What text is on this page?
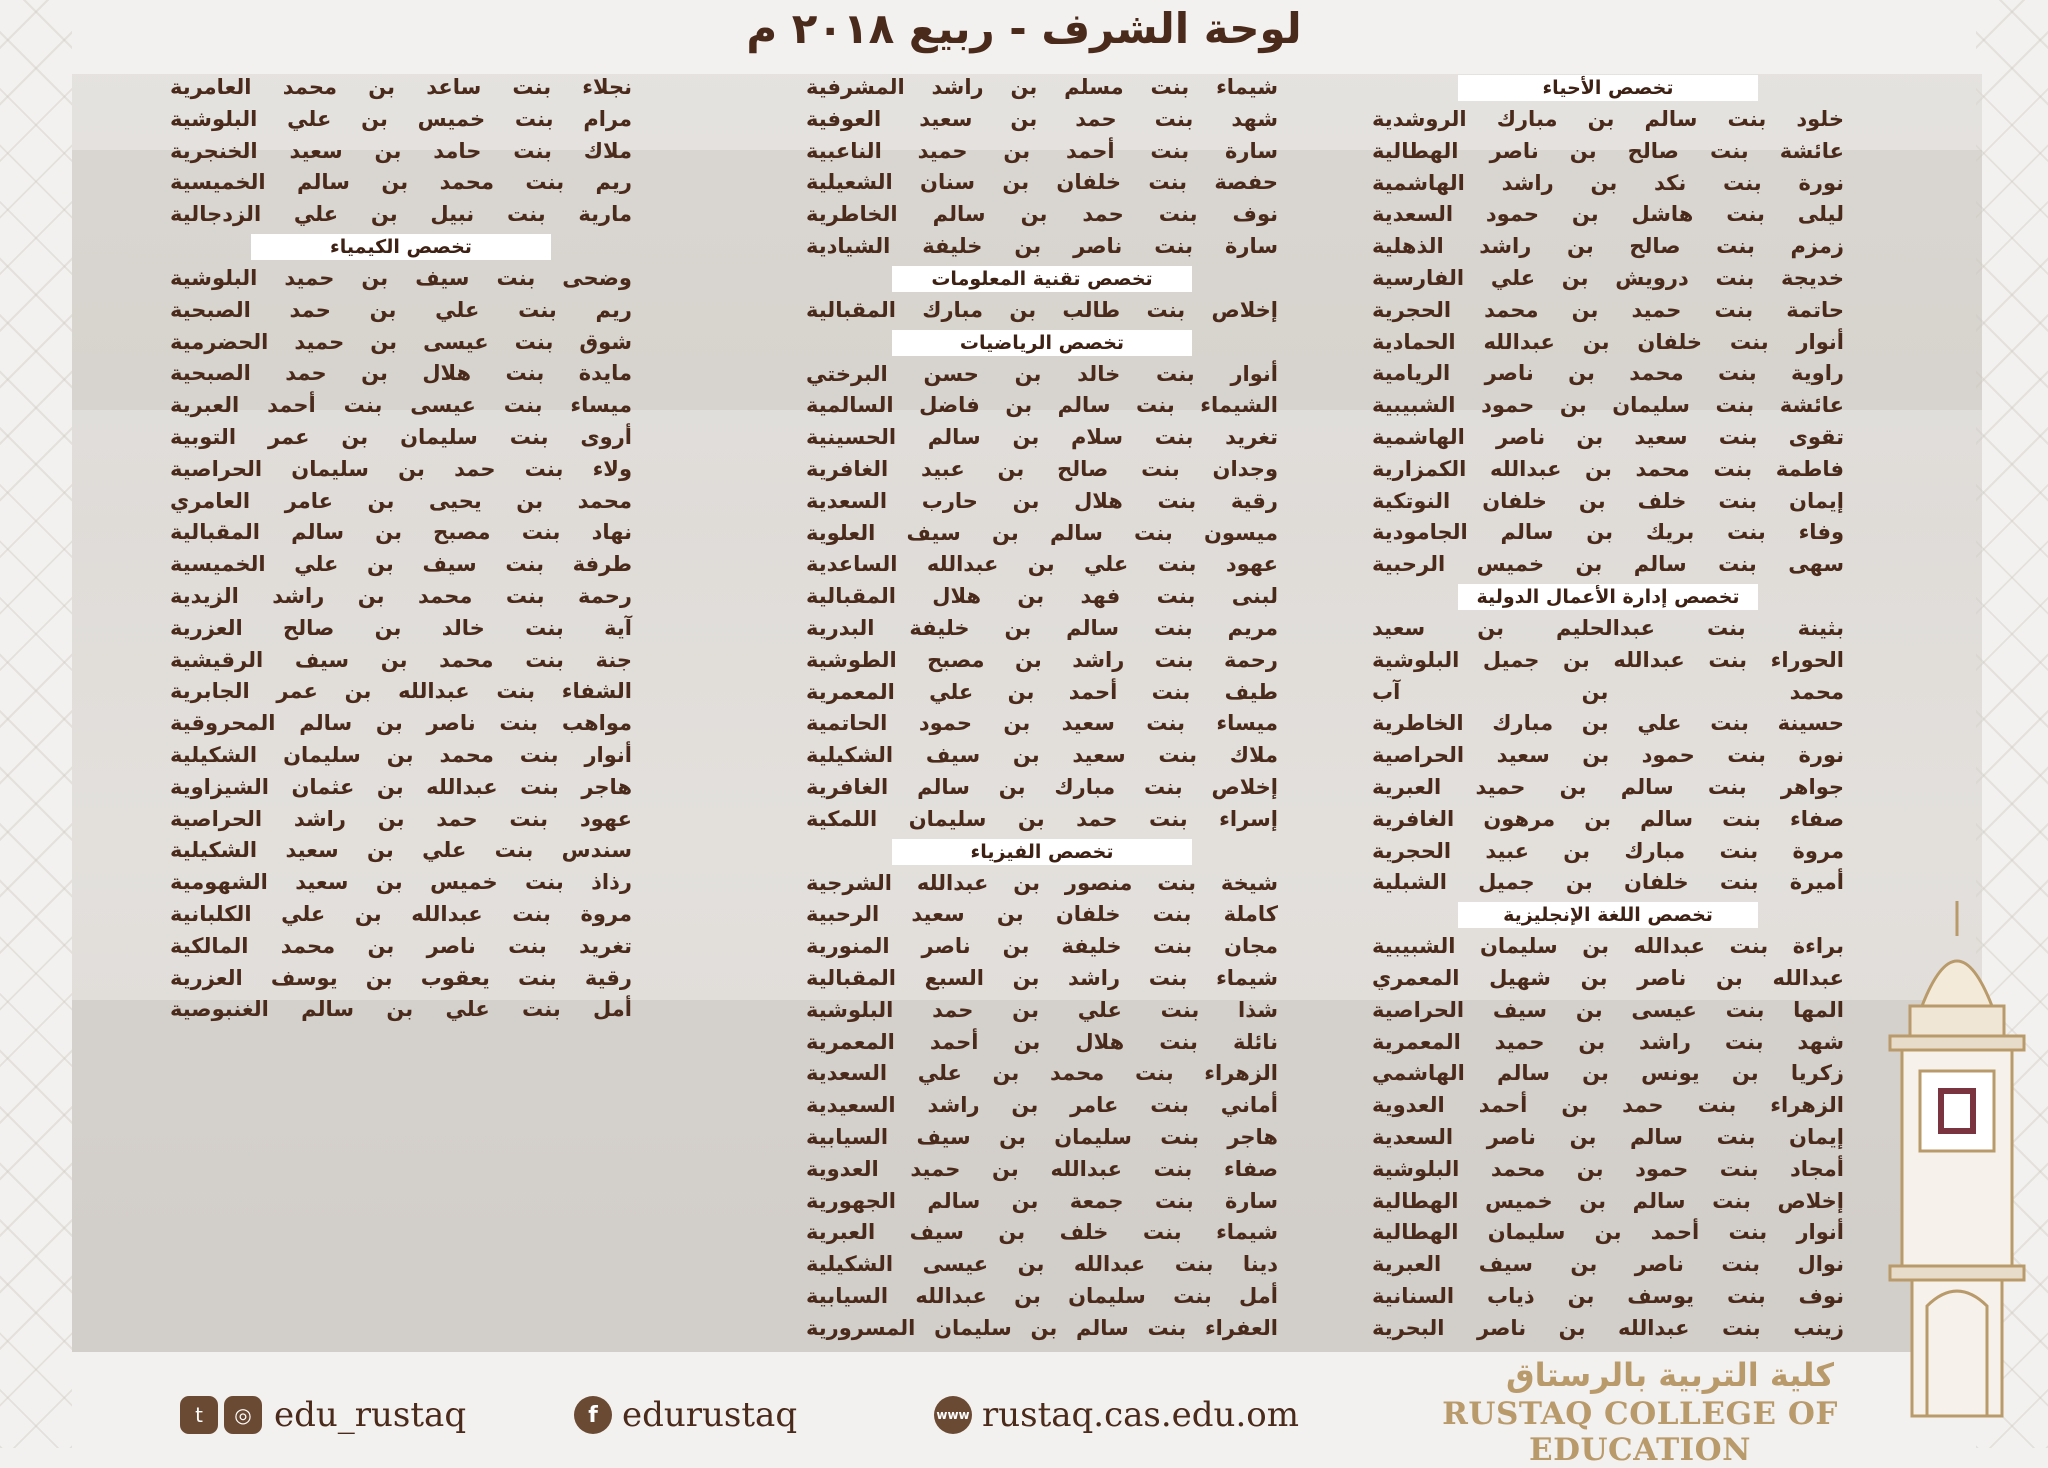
لوحة الشرف - ربيع ٢٠١٨ م
تخصص الأحياء
خلود بنت سالم بن مبارك الروشدية
عائشة بنت صالح بن ناصر الهطالية
نورة بنت نكد بن راشد الهاشمية
ليلى بنت هاشل بن حمود السعدية
زمزم بنت صالح بن راشد الذهلية
خديجة بنت درويش بن علي الفارسية
حاتمة بنت حميد بن محمد الحجرية
أنوار بنت خلفان بن عبدالله الحمادية
راوية بنت محمد بن ناصر الريامية
عائشة بنت سليمان بن حمود الشبيبية
تقوى بنت سعيد بن ناصر الهاشمية
فاطمة بنت محمد بن عبدالله الكمزارية
إيمان بنت خلف بن خلفان النوتكية
وفاء بنت بريك بن سالم الجامودية
سهى بنت سالم بن خميس الرحبية
تخصص إدارة الأعمال الدولية
بثينة بنت عبدالحليم بن سعيد
الحوراء بنت عبدالله بن جميل البلوشية
محمد بن آب
حسينة بنت علي بن مبارك الخاطرية
نورة بنت حمود بن سعيد الحراصية
جواهر بنت سالم بن حميد العبرية
صفاء بنت سالم بن مرهون الغافرية
مروة بنت مبارك بن عبيد الحجرية
أميرة بنت خلفان بن جميل الشبلية
تخصص اللغة الإنجليزية
براءة بنت عبدالله بن سليمان الشبيبية
عبدالله بن ناصر بن شهيل المعمري
المها بنت عيسى بن سيف الحراصية
شهد بنت راشد بن حميد المعمرية
زكريا بن يونس بن سالم الهاشمي
الزهراء بنت حمد بن أحمد العدوية
إيمان بنت سالم بن ناصر السعدية
أمجاد بنت حمود بن محمد البلوشية
إخلاص بنت سالم بن خميس الهطالية
أنوار بنت أحمد بن سليمان الهطالية
نوال بنت ناصر بن سيف العبرية
نوف بنت يوسف بن ذياب السنانية
زينب بنت عبدالله بن ناصر البحرية
شيماء بنت مسلم بن راشد المشرفية
شهد بنت حمد بن سعيد العوفية
سارة بنت أحمد بن حميد الناعبية
حفصة بنت خلفان بن سنان الشعيلية
نوف بنت حمد بن سالم الخاطرية
سارة بنت ناصر بن خليفة الشيادية
تخصص تقنية المعلومات
إخلاص بنت طالب بن مبارك المقبالية
تخصص الرياضيات
أنوار بنت خالد بن حسن البرختي
الشيماء بنت سالم بن فاضل السالمية
تغريد بنت سلام بن سالم الحسينية
وجدان بنت صالح بن عبيد الغافرية
رقية بنت هلال بن حارب السعدية
ميسون بنت سالم بن سيف العلوية
عهود بنت علي بن عبدالله الساعدية
لبنى بنت فهد بن هلال المقبالية
مريم بنت سالم بن خليفة البدرية
رحمة بنت راشد بن مصبح الطوشية
طيف بنت أحمد بن علي المعمرية
ميساء بنت سعيد بن حمود الحاتمية
ملاك بنت سعيد بن سيف الشكيلية
إخلاص بنت مبارك بن سالم الغافرية
إسراء بنت حمد بن سليمان اللمكية
تخصص الفيزياء
شيخة بنت منصور بن عبدالله الشرجية
كاملة بنت خلفان بن سعيد الرحبية
مجان بنت خليفة بن ناصر المنورية
شيماء بنت راشد بن السبع المقبالية
شذا بنت علي بن حمد البلوشية
نائلة بنت هلال بن أحمد المعمرية
الزهراء بنت محمد بن علي السعدية
أماني بنت عامر بن راشد السعيدية
هاجر بنت سليمان بن سيف السيابية
صفاء بنت عبدالله بن حميد العدوية
سارة بنت جمعة بن سالم الجهورية
شيماء بنت خلف بن سيف العبرية
دينا بنت عبدالله بن عيسى الشكيلية
أمل بنت سليمان بن عبدالله السيابية
العفراء بنت سالم بن سليمان المسرورية
نجلاء بنت ساعد بن محمد العامرية
مرام بنت خميس بن علي البلوشية
ملاك بنت حامد بن سعيد الخنجرية
ريم بنت محمد بن سالم الخميسية
مارية بنت نبيل بن علي الزدجالية
تخصص الكيمياء
وضحى بنت سيف بن حميد البلوشية
ريم بنت علي بن حمد الصبحية
شوق بنت عيسى بن حميد الحضرمية
مايدة بنت هلال بن حمد الصبحية
ميساء بنت عيسى بنت أحمد العبرية
أروى بنت سليمان بن عمر التوبية
ولاء بنت حمد بن سليمان الحراصية
محمد بن يحيى بن عامر العامري
نهاد بنت مصبح بن سالم المقبالية
طرفة بنت سيف بن علي الخميسية
رحمة بنت محمد بن راشد الزيدية
آية بنت خالد بن صالح العزرية
جنة بنت محمد بن سيف الرقيشية
الشفاء بنت عبدالله بن عمر الجابرية
مواهب بنت ناصر بن سالم المحروقية
أنوار بنت محمد بن سليمان الشكيلية
هاجر بنت عبدالله بن عثمان الشيزاوية
عهود بنت حمد بن راشد الحراصية
سندس بنت علي بن سعيد الشكيلية
رذاذ بنت خميس بن سعيد الشهومية
مروة بنت عبدالله بن علي الكلبانية
تغريد بنت ناصر بن محمد المالكية
رقية بنت يعقوب بن يوسف العزرية
أمل بنت علي بن سالم الغنبوصية
t	◎ edu_rustaq	f edurustaq	www rustaq.cas.edu.om
كلية التربية بالرستاق
RUSTAQ COLLEGE OF EDUCATION
